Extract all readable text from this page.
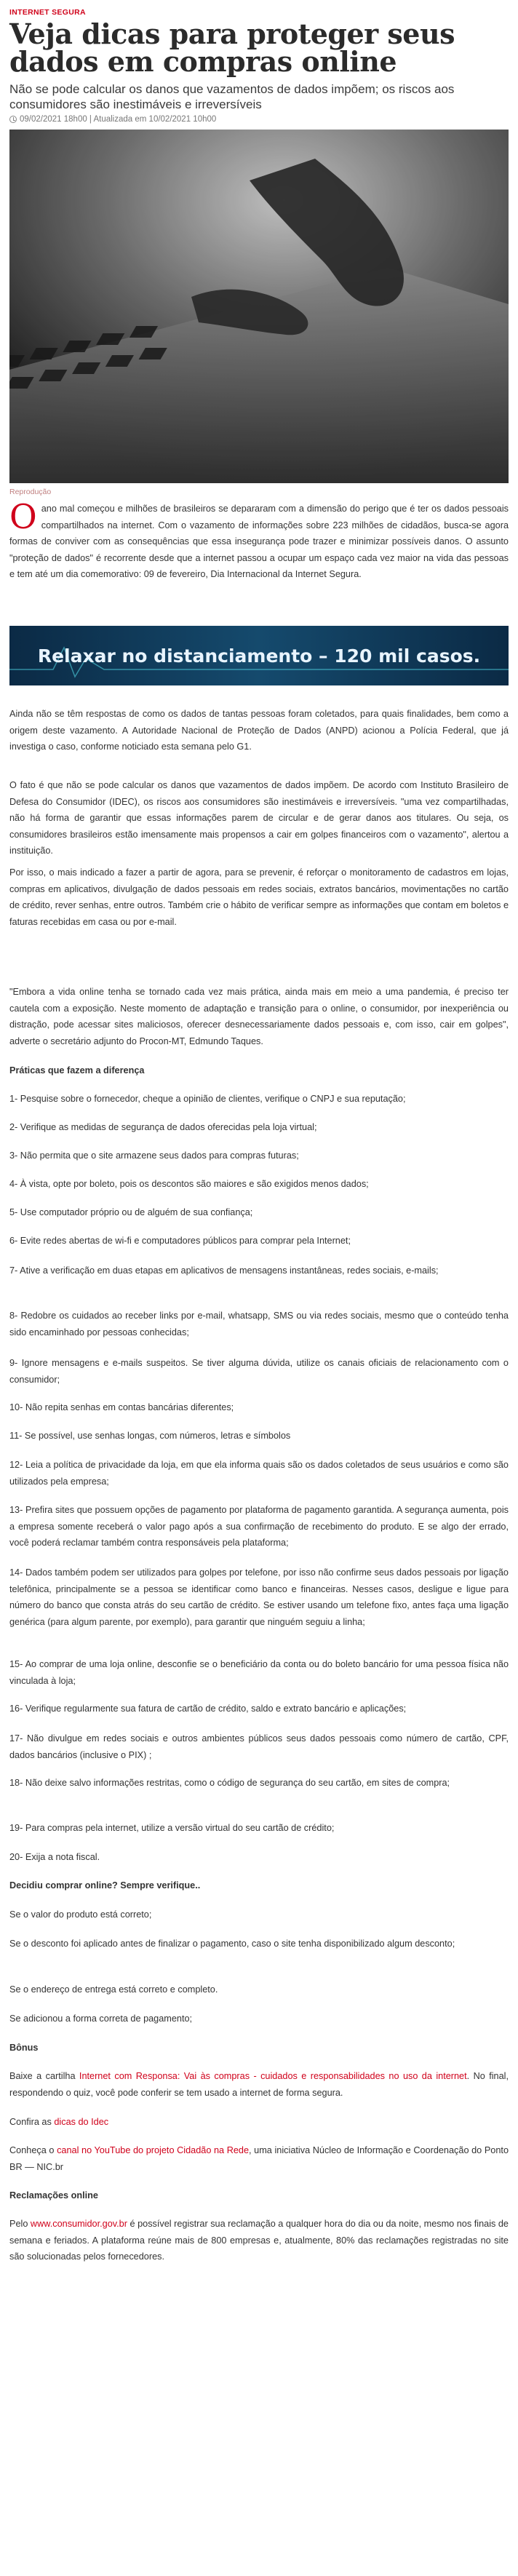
INTERNET SEGURA
Veja dicas para proteger seus dados em compras online
Não se pode calcular os danos que vazamentos de dados impõem; os riscos aos consumidores são inestimáveis e irreversíveis
09/02/2021 18h00 | Atualizada em 10/02/2021 10h00
Reprodução

Oano mal começou e milhões de brasileiros se depararam com a dimensão do perigo que é ter os dados pessoais compartilhados na internet. Com o vazamento de informações sobre 223 milhões de cidadãos, busca-se agora formas de conviver com as consequências que essa insegurança pode trazer e minimizar possíveis danos. O assunto "proteção de dados" é recorrente desde que a internet passou a ocupar um espaço cada vez maior na vida das pessoas e tem até um dia comemorativo: 09 de fevereiro, Dia Internacional da Internet Segura.

Relaxar no distanciamento – 120 mil casos.

Ainda não se têm respostas de como os dados de tantas pessoas foram coletados, para quais finalidades, bem como a origem deste vazamento. A Autoridade Nacional de Proteção de Dados (ANPD) acionou a Polícia Federal, que já investiga o caso, conforme noticiado esta semana pelo G1.

O fato é que não se pode calcular os danos que vazamentos de dados impõem. De acordo com Instituto Brasileiro de Defesa do Consumidor (IDEC), os riscos aos consumidores são inestimáveis e irreversíveis. "uma vez compartilhadas, não há forma de garantir que essas informações parem de circular e de gerar danos aos titulares. Ou seja, os consumidores brasileiros estão imensamente mais propensos a cair em golpes financeiros com o vazamento", alertou a instituição.

Por isso, o mais indicado a fazer a partir de agora, para se prevenir, é reforçar o monitoramento de cadastros em lojas, compras em aplicativos, divulgação de dados pessoais em redes sociais, extratos bancários, movimentações no cartão de crédito, rever senhas, entre outros. Também crie o hábito de verificar sempre as informações que contam em boletos e faturas recebidas em casa ou por e-mail.

"Embora a vida online tenha se tornado cada vez mais prática, ainda mais em meio a uma pandemia, é preciso ter cautela com a exposição. Neste momento de adaptação e transição para o online, o consumidor, por inexperiência ou distração, pode acessar sites maliciosos, oferecer desnecessariamente dados pessoais e, com isso, cair em golpes", adverte o secretário adjunto do Procon-MT, Edmundo Taques.

Práticas que fazem a diferença

1- Pesquise sobre o fornecedor, cheque a opinião de clientes, verifique o CNPJ e sua reputação;

2- Verifique as medidas de segurança de dados oferecidas pela loja virtual;

3- Não permita que o site armazene seus dados para compras futuras;

4- À vista, opte por boleto, pois os descontos são maiores e são exigidos menos dados;

5- Use computador próprio ou de alguém de sua confiança;

6- Evite redes abertas de wi-fi e computadores públicos para comprar pela Internet;

7- Ative a verificação em duas etapas em aplicativos de mensagens instantâneas, redes sociais, e-mails;

8- Redobre os cuidados ao receber links por e-mail, whatsapp, SMS ou via redes sociais, mesmo que o conteúdo tenha sido encaminhado por pessoas conhecidas;

9- Ignore mensagens e e-mails suspeitos. Se tiver alguma dúvida, utilize os canais oficiais de relacionamento com o consumidor;

10- Não repita senhas em contas bancárias diferentes;

11- Se possível, use senhas longas, com números, letras e símbolos

12- Leia a política de privacidade da loja, em que ela informa quais são os dados coletados de seus usuários e como são utilizados pela empresa;

13- Prefira sites que possuem opções de pagamento por plataforma de pagamento garantida. A segurança aumenta, pois a empresa somente receberá o valor pago após a sua confirmação de recebimento do produto. E se algo der errado, você poderá reclamar também contra responsáveis pela plataforma;

14- Dados também podem ser utilizados para golpes por telefone, por isso não confirme seus dados pessoais por ligação telefônica, principalmente se a pessoa se identificar como banco e financeiras. Nesses casos, desligue e ligue para número do banco que consta atrás do seu cartão de crédito. Se estiver usando um telefone fixo, antes faça uma ligação genérica (para algum parente, por exemplo), para garantir que ninguém seguiu a linha;

15- Ao comprar de uma loja online, desconfie se o beneficiário da conta ou do boleto bancário for uma pessoa física não vinculada à loja;

16- Verifique regularmente sua fatura de cartão de crédito, saldo e extrato bancário e aplicações;

17- Não divulgue em redes sociais e outros ambientes públicos seus dados pessoais como número de cartão, CPF, dados bancários (inclusive o PIX) ;

18- Não deixe salvo informações restritas, como o código de segurança do seu cartão, em sites de compra;

19- Para compras pela internet, utilize a versão virtual do seu cartão de crédito;

20- Exija a nota fiscal.

Decidiu comprar online? Sempre verifique..

Se o valor do produto está correto;

Se o desconto foi aplicado antes de finalizar o pagamento, caso o site tenha disponibilizado algum desconto;

Se o endereço de entrega está correto e completo.

Se adicionou a forma correta de pagamento;

Bônus

Baixe a cartilha Internet com Responsa: Vai às compras - cuidados e responsabilidades no uso da internet. No final, respondendo o quiz, você pode conferir se tem usado a internet de forma segura.

Confira as dicas do Idec

Conheça o canal no YouTube do projeto Cidadão na Rede, uma iniciativa Núcleo de Informação e Coordenação do Ponto BR — NIC.br

Reclamações online

Pelo www.consumidor.gov.br é possível registrar sua reclamação a qualquer hora do dia ou da noite, mesmo nos finais de semana e feriados. A plataforma reúne mais de 800 empresas e, atualmente, 80% das reclamações registradas no site são solucionadas pelos fornecedores.
